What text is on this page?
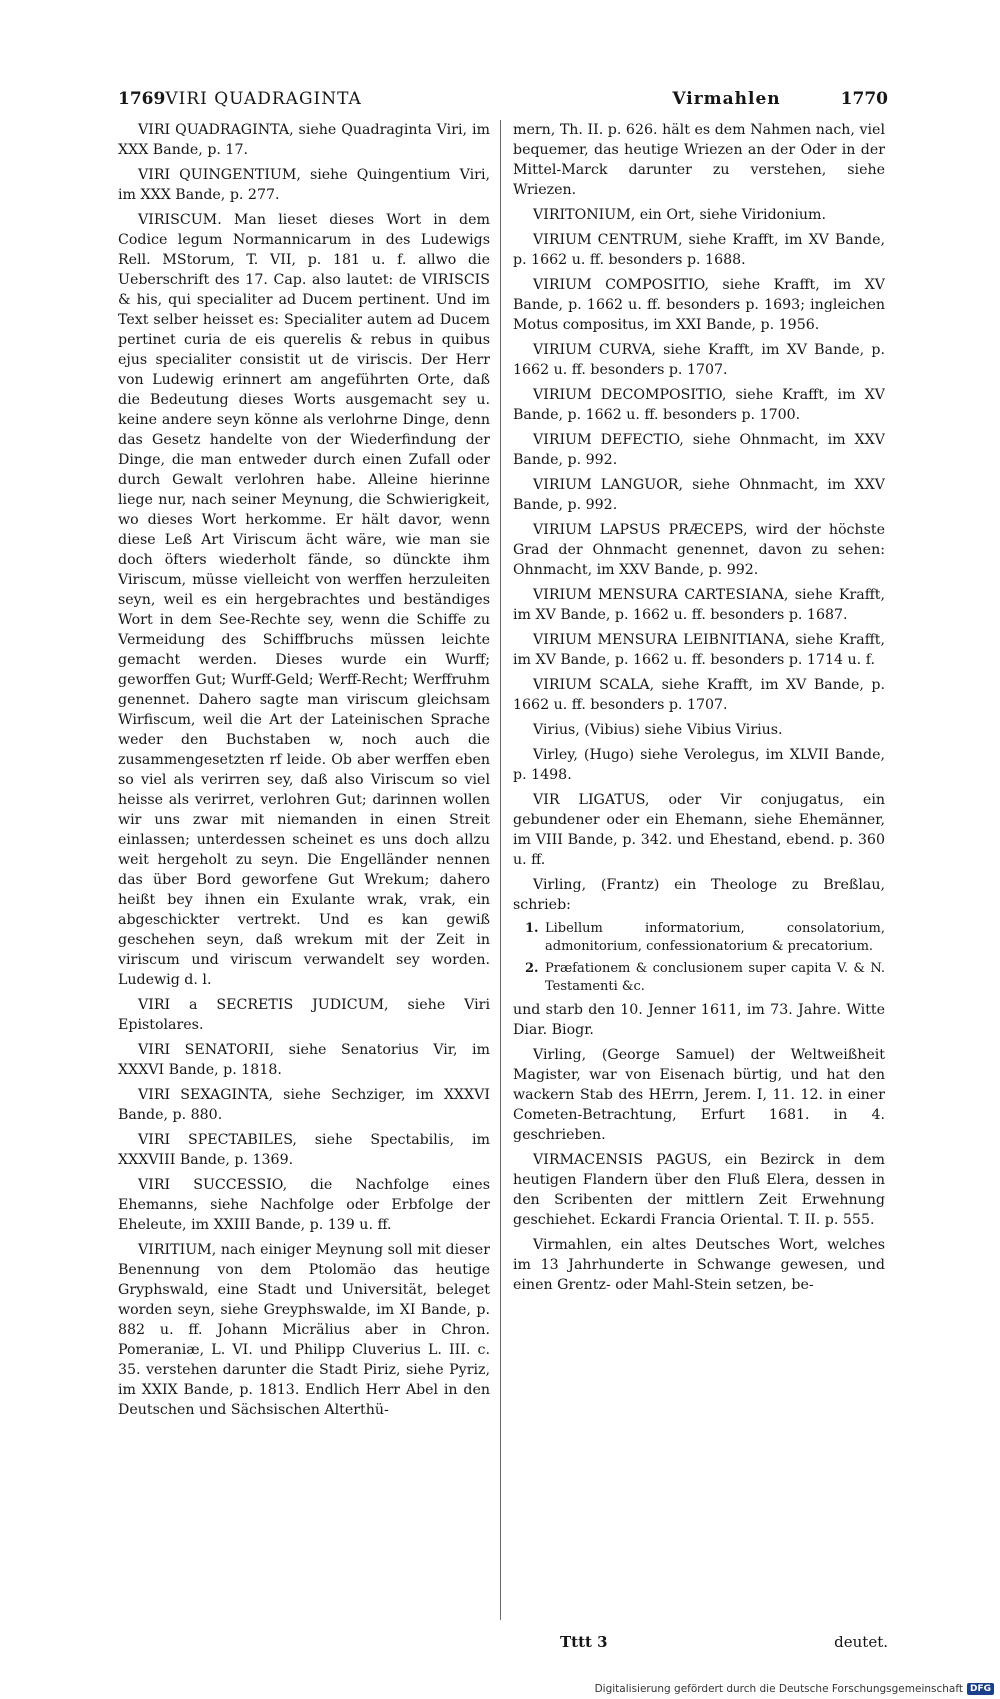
1769 VIRI QUADRAGINTA	Virmahlen	1770

VIRI QUADRAGINTA, siehe Quadraginta Viri, im XXX Bande, p. 17.

VIRI QUINGENTIUM, siehe Quingentium Viri, im XXX Bande, p. 277.

VIRISCUM. Man lieset dieses Wort in dem Codice legum Normannicarum in des Ludewigs Rell. MStorum, T. VII, p. 181 u. f. allwo die Ueberschrift des 17. Cap. also lautet: de VIRISCIS & his, qui specialiter ad Ducem pertinent. Und im Text selber heisset es: Specialiter autem ad Ducem pertinet curia de eis querelis & rebus in quibus ejus specialiter consistit ut de viriscis. Der Herr von Ludewig erinnert am angeführten Orte, daß die Bedeutung dieses Worts ausgemacht sey u. keine andere seyn könne als verlohrne Dinge, denn das Gesetz handelte von der Wiederfindung der Dinge, die man entweder durch einen Zufall oder durch Gewalt verlohren habe. Alleine hierinne liege nur, nach seiner Meynung, die Schwierigkeit, wo dieses Wort herkomme. Er hält davor, wenn diese Leß Art Viriscum ächt wäre, wie man sie doch öfters wiederholt fände, so dünckte ihm Viriscum, müsse vielleicht von werffen herzuleiten seyn, weil es ein hergebrachtes und beständiges Wort in dem See-Rechte sey, wenn die Schiffe zu Vermeidung des Schiffbruchs müssen leichte gemacht werden. Dieses wurde ein Wurff; geworffen Gut; Wurff-Geld; Werff-Recht; Werffruhm genennet. Dahero sagte man viriscum gleichsam Wirfiscum, weil die Art der Lateinischen Sprache weder den Buchstaben w, noch auch die zusammengesetzten rf leide. Ob aber werffen eben so viel als verirren sey, daß also Viriscum so viel heisse als verirret, verlohren Gut; darinnen wollen wir uns zwar mit niemanden in einen Streit einlassen; unterdessen scheinet es uns doch allzu weit hergeholt zu seyn. Die Engelländer nennen das über Bord geworfene Gut Wrekum; dahero heißt bey ihnen ein Exulante wrak, vrak, ein abgeschickter vertrekt. Und es kan gewiß geschehen seyn, daß wrekum mit der Zeit in viriscum und viriscum verwandelt sey worden. Ludewig d. l.

VIRI a SECRETIS JUDICUM, siehe Viri Epistolares.

VIRI SENATORII, siehe Senatorius Vir, im XXXVI Bande, p. 1818.

VIRI SEXAGINTA, siehe Sechziger, im XXXVI Bande, p. 880.

VIRI SPECTABILES, siehe Spectabilis, im XXXVIII Bande, p. 1369.

VIRI SUCCESSIO, die Nachfolge eines Ehemanns, siehe Nachfolge oder Erbfolge der Eheleute, im XXIII Bande, p. 139 u. ff.

VIRITIUM, nach einiger Meynung soll mit dieser Benennung von dem Ptolomäo das heutige Gryphswald, eine Stadt und Universität, beleget worden seyn, siehe Greyphswalde, im XI Bande, p. 882 u. ff. Johann Micrälius aber in Chron. Pomeraniæ, L. VI. und Philipp Cluverius L. III. c. 35. verstehen darunter die Stadt Piriz, siehe Pyriz, im XXIX Bande, p. 1813. Endlich Herr Abel in den Deutschen und Sächsischen Alterthü-

mern, Th. II. p. 626. hält es dem Nahmen nach, viel bequemer, das heutige Wriezen an der Oder in der Mittel-Marck darunter zu verstehen, siehe Wriezen.

VIRITONIUM, ein Ort, siehe Viridonium.

VIRIUM CENTRUM, siehe Krafft, im XV Bande, p. 1662 u. ff. besonders p. 1688.

VIRIUM COMPOSITIO, siehe Krafft, im XV Bande, p. 1662 u. ff. besonders p. 1693; ingleichen Motus compositus, im XXI Bande, p. 1956.

VIRIUM CURVA, siehe Krafft, im XV Bande, p. 1662 u. ff. besonders p. 1707.

VIRIUM DECOMPOSITIO, siehe Krafft, im XV Bande, p. 1662 u. ff. besonders p. 1700.

VIRIUM DEFECTIO, siehe Ohnmacht, im XXV Bande, p. 992.

VIRIUM LANGUOR, siehe Ohnmacht, im XXV Bande, p. 992.

VIRIUM LAPSUS PRÆCEPS, wird der höchste Grad der Ohnmacht genennet, davon zu sehen: Ohnmacht, im XXV Bande, p. 992.

VIRIUM MENSURA CARTESIANA, siehe Krafft, im XV Bande, p. 1662 u. ff. besonders p. 1687.

VIRIUM MENSURA LEIBNITIANA, siehe Krafft, im XV Bande, p. 1662 u. ff. besonders p. 1714 u. f.

VIRIUM SCALA, siehe Krafft, im XV Bande, p. 1662 u. ff. besonders p. 1707.

Virius, (Vibius) siehe Vibius Virius.

Virley, (Hugo) siehe Verolegus, im XLVII Bande, p. 1498.

VIR LIGATUS, oder Vir conjugatus, ein gebundener oder ein Ehemann, siehe Ehemänner, im VIII Bande, p. 342. und Ehestand, ebend. p. 360 u. ff.

Virling, (Frantz) ein Theologe zu Breßlau, schrieb:

1. Libellum informatorium, consolatorium, admonitorium, confessionatorium & precatorium.

2. Præfationem & conclusionem super capita V. & N. Testamenti &c.

und starb den 10. Jenner 1611, im 73. Jahre. Witte Diar. Biogr.

Virling, (George Samuel) der Weltweißheit Magister, war von Eisenach bürtig, und hat den wackern Stab des HErrn, Jerem. I, 11. 12. in einer Cometen-Betrachtung, Erfurt 1681. in 4. geschrieben.

VIRMACENSIS PAGUS, ein Bezirck in dem heutigen Flandern über den Fluß Elera, dessen in den Scribenten der mittlern Zeit Erwehnung geschiehet. Eckardi Francia Oriental. T. II. p. 555.

Virmahlen, ein altes Deutsches Wort, welches im 13 Jahrhunderte in Schwange gewesen, und einen Grentz- oder Mahl-Stein setzen, be-

Tttt 3	deutet.
Digitalisierung gefördert durch die Deutsche Forschungsgemeinschaft DFG
